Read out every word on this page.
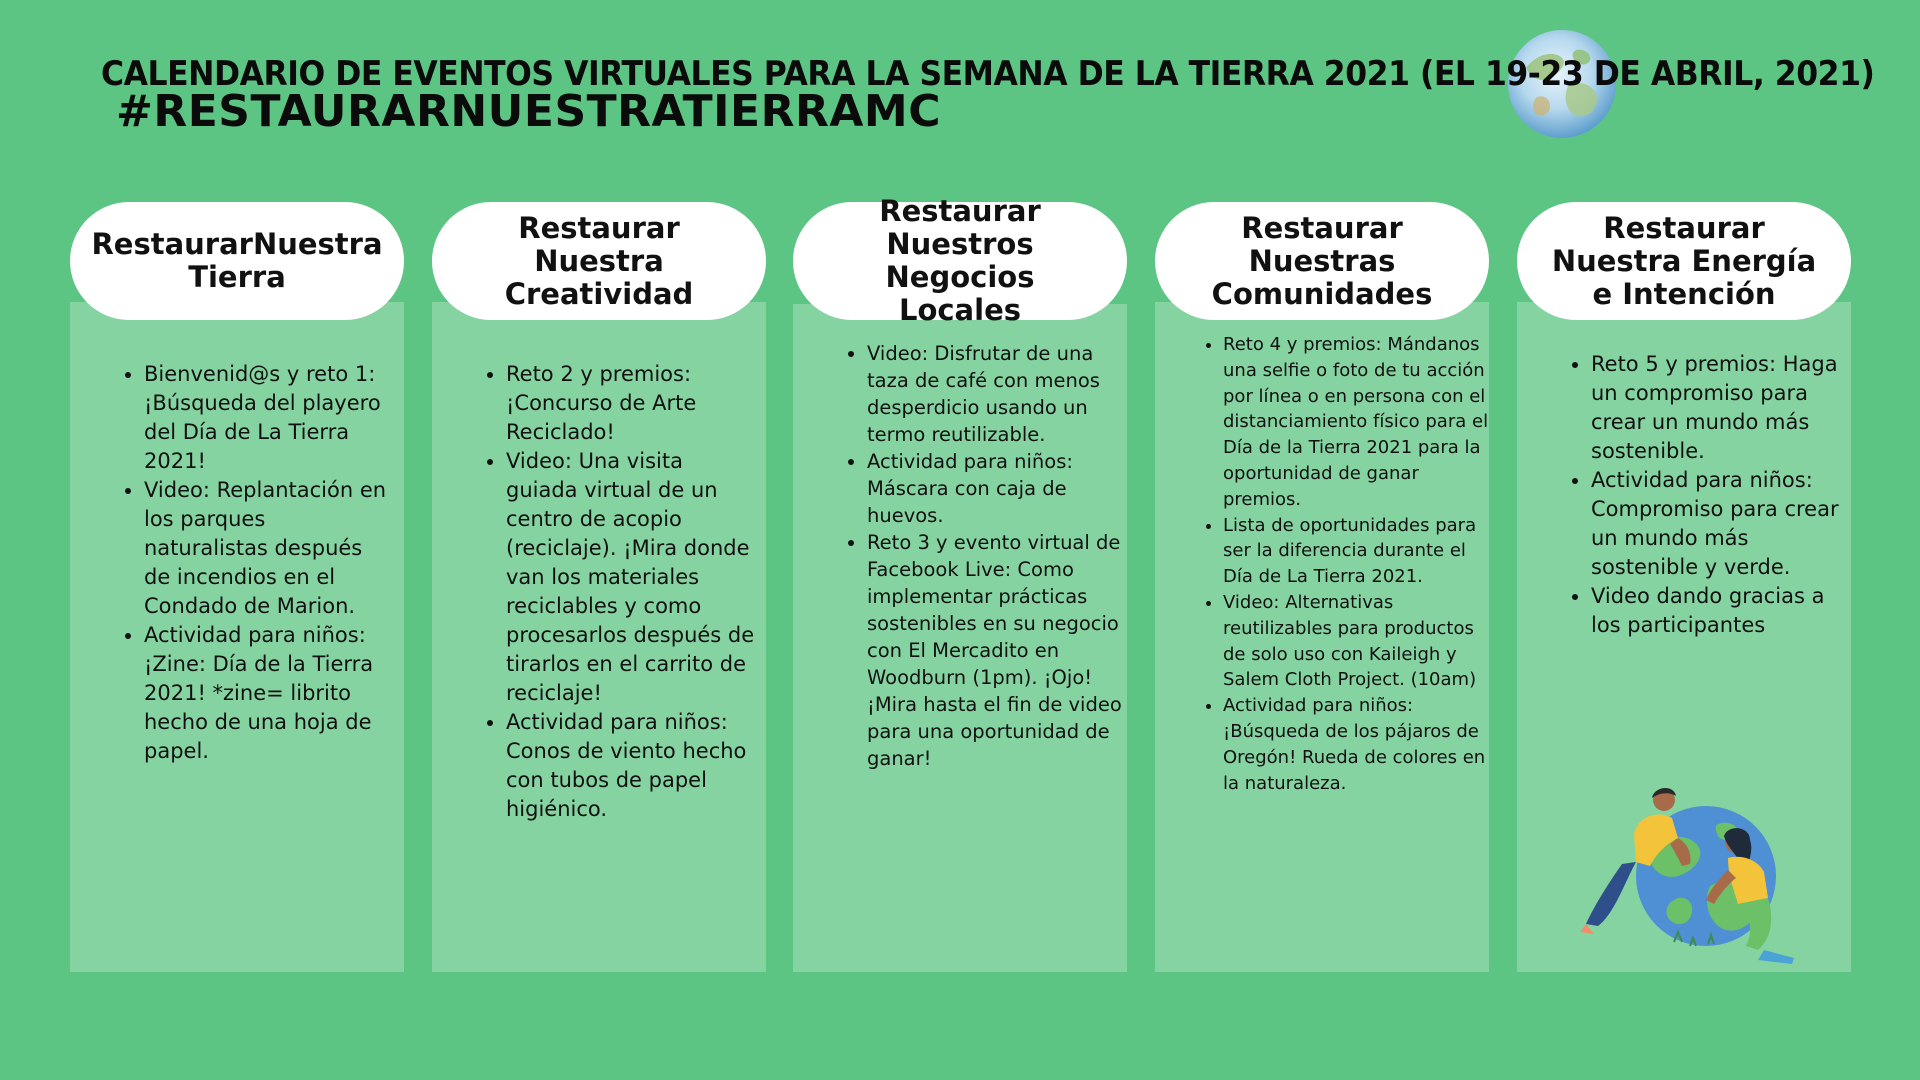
CALENDARIO DE EVENTOS VIRTUALES PARA LA SEMANA DE LA TIERRA 2021 (EL 19-23 DE ABRIL, 2021)
#RESTAURARNUESTRATIERRAMC
RestaurarNuestra
Tierra
• Bienvenid@s y reto 1: ¡Búsqueda del playero del Día de La Tierra 2021!
• Video: Replantación en los parques naturalistas después de incendios en el Condado de Marion.
• Actividad para niños: ¡Zine: Día de la Tierra 2021! *zine= librito hecho de una hoja de papel.
Restaurar
Nuestra
Creatividad
• Reto 2 y premios: ¡Concurso de Arte Reciclado!
• Video: Una visita guiada virtual de un centro de acopio (reciclaje). ¡Mira donde van los materiales reciclables y como procesarlos después de tirarlos en el carrito de reciclaje!
• Actividad para niños: Conos de viento hecho con tubos de papel higiénico.
Restaurar
Nuestros
Negocios
Locales
• Video: Disfrutar de una taza de café con menos desperdicio usando un termo reutilizable.
• Actividad para niños: Máscara con caja de huevos.
• Reto 3 y evento virtual de Facebook Live: Como implementar prácticas sostenibles en su negocio con El Mercadito en Woodburn (1pm). ¡Ojo! ¡Mira hasta el fin de video para una oportunidad de ganar!
Restaurar
Nuestras
Comunidades
• Reto 4 y premios: Mándanos una selfie o foto de tu acción por línea o en persona con el distanciamiento físico para el Día de la Tierra 2021 para la oportunidad de ganar premios.
• Lista de oportunidades para ser la diferencia durante el Día de La Tierra 2021.
• Video: Alternativas reutilizables para productos de solo uso con Kaileigh y Salem Cloth Project. (10am)
• Actividad para niños: ¡Búsqueda de los pájaros de Oregón! Rueda de colores en la naturaleza.
Restaurar
Nuestra Energía
e Intención
• Reto 5 y premios: Haga un compromiso para crear un mundo más sostenible.
• Actividad para niños: Compromiso para crear un mundo más sostenible y verde.
• Video dando gracias a los participantes
